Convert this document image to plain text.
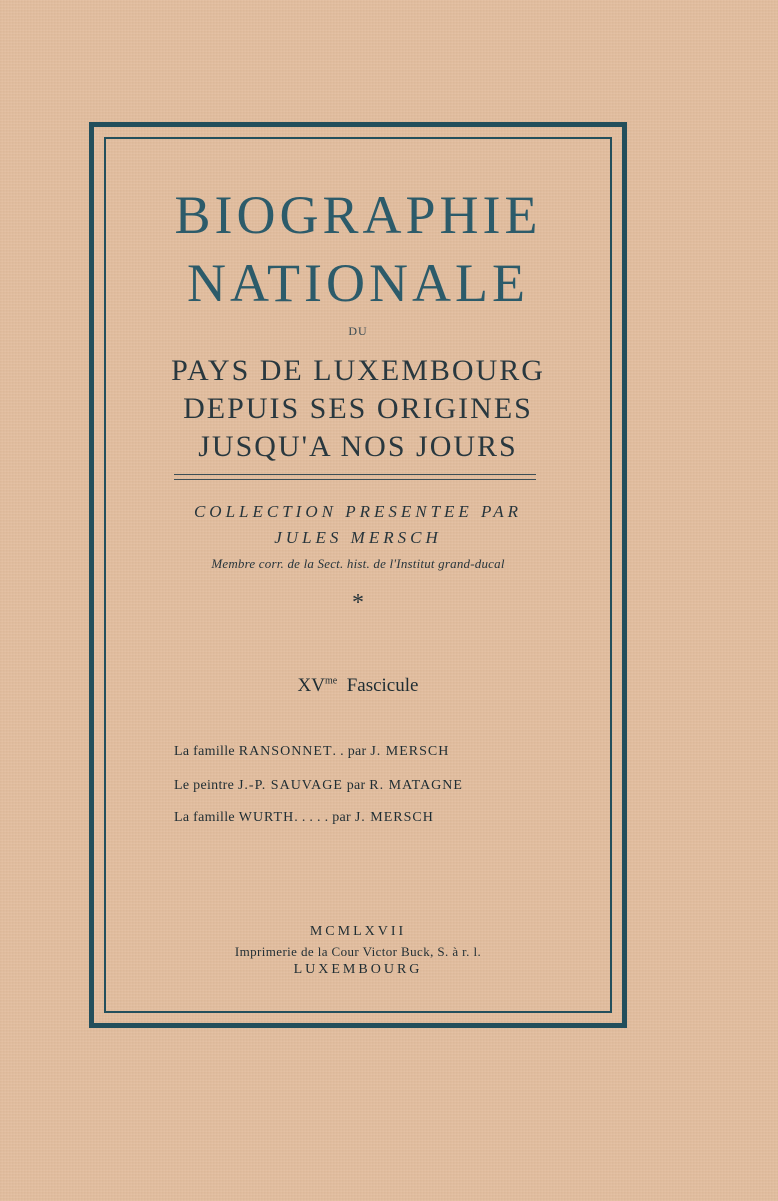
BIOGRAPHIE
NATIONALE
DU
PAYS DE LUXEMBOURG
DEPUIS SES ORIGINES
JUSQU'A NOS JOURS
COLLECTION PRESENTEE PAR
JULES MERSCH
Membre corr. de la Sect. hist. de l'Institut grand-ducal
*
$XV^{me}$ Fascicule
La famille RANSONNET. . par J. MERSCH
Le peintre J.-P. SAUVAGE par R. MATAGNE
La famille WURTH. . . . . par J. MERSCH
MCMLXVII
Imprimerie de la Cour Victor Buck, S. à r. l.
LUXEMBOURG
